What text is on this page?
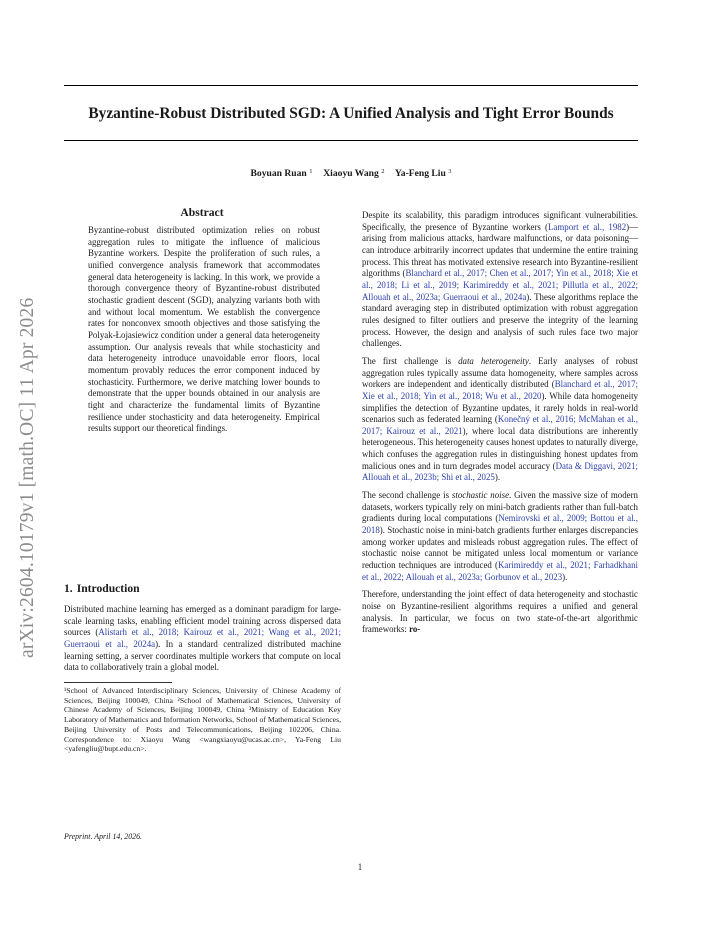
Byzantine-Robust Distributed SGD: A Unified Analysis and Tight Error Bounds
Boyuan Ruan $^1$ Xiaoyu Wang $^2$ Ya-Feng Liu $^3$
arXiv:2604.10179v1 [math.OC] 11 Apr 2026
Abstract

Byzantine-robust distributed optimization relies on robust aggregation rules to mitigate the influence of malicious Byzantine workers. Despite the proliferation of such rules, a unified convergence analysis framework that accommodates general data heterogeneity is lacking. In this work, we provide a thorough convergence theory of Byzantine-robust distributed stochastic gradient descent (SGD), analyzing variants both with and without local momentum. We establish the convergence rates for nonconvex smooth objectives and those satisfying the Polyak-Łojasiewicz condition under a general data heterogeneity assumption. Our analysis reveals that while stochasticity and data heterogeneity introduce unavoidable error floors, local momentum provably reduces the error component induced by stochasticity. Furthermore, we derive matching lower bounds to demonstrate that the upper bounds obtained in our analysis are tight and characterize the fundamental limits of Byzantine resilience under stochasticity and data heterogeneity. Empirical results support our theoretical findings.

1. Introduction

Distributed machine learning has emerged as a dominant paradigm for large-scale learning tasks, enabling efficient model training across dispersed data sources (Alistarh et al., 2018; Kairouz et al., 2021; Wang et al., 2021; Guerraoui et al., 2024a). In a standard centralized distributed machine learning setting, a server coordinates multiple workers that compute on local data to collaboratively train a global model.

¹School of Advanced Interdisciplinary Sciences, University of Chinese Academy of Sciences, Beijing 100049, China ²School of Mathematical Sciences, University of Chinese Academy of Sciences, Beijing 100049, China ³Ministry of Education Key Laboratory of Mathematics and Information Networks, School of Mathematical Sciences, Beijing University of Posts and Telecommunications, Beijing 102206, China. Correspondence to: Xiaoyu Wang <wangxiaoyu@ucas.ac.cn>, Ya-Feng Liu <yafengliu@bupt.edu.cn>.

Preprint. April 14, 2026.

Despite its scalability, this paradigm introduces significant vulnerabilities. Specifically, the presence of Byzantine workers (Lamport et al., 1982)—arising from malicious attacks, hardware malfunctions, or data poisoning—can introduce arbitrarily incorrect updates that undermine the entire training process. This threat has motivated extensive research into Byzantine-resilient algorithms (Blanchard et al., 2017; Chen et al., 2017; Yin et al., 2018; Xie et al., 2018; Li et al., 2019; Karimireddy et al., 2021; Pillutla et al., 2022; Allouah et al., 2023a; Guerraoui et al., 2024a). These algorithms replace the standard averaging step in distributed optimization with robust aggregation rules designed to filter outliers and preserve the integrity of the learning process. However, the design and analysis of such rules face two major challenges.

The first challenge is data heterogeneity. Early analyses of robust aggregation rules typically assume data homogeneity, where samples across workers are independent and identically distributed (Blanchard et al., 2017; Xie et al., 2018; Yin et al., 2018; Wu et al., 2020). While data homogeneity simplifies the detection of Byzantine updates, it rarely holds in real-world scenarios such as federated learning (Konečný et al., 2016; McMahan et al., 2017; Kairouz et al., 2021), where local data distributions are inherently heterogeneous. This heterogeneity causes honest updates to naturally diverge, which confuses the aggregation rules in distinguishing honest updates from malicious ones and in turn degrades model accuracy (Data & Diggavi, 2021; Allouah et al., 2023b; Shi et al., 2025).

The second challenge is stochastic noise. Given the massive size of modern datasets, workers typically rely on mini-batch gradients rather than full-batch gradients during local computations (Nemirovski et al., 2009; Bottou et al., 2018). Stochastic noise in mini-batch gradients further enlarges discrepancies among worker updates and misleads robust aggregation rules. The effect of stochastic noise cannot be mitigated unless local momentum or variance reduction techniques are introduced (Karimireddy et al., 2021; Farhadkhani et al., 2022; Allouah et al., 2023a; Gorbunov et al., 2023).

Therefore, understanding the joint effect of data heterogeneity and stochastic noise on Byzantine-resilient algorithms requires a unified and general analysis. In particular, we focus on two state-of-the-art algorithmic frameworks: ro-

1
